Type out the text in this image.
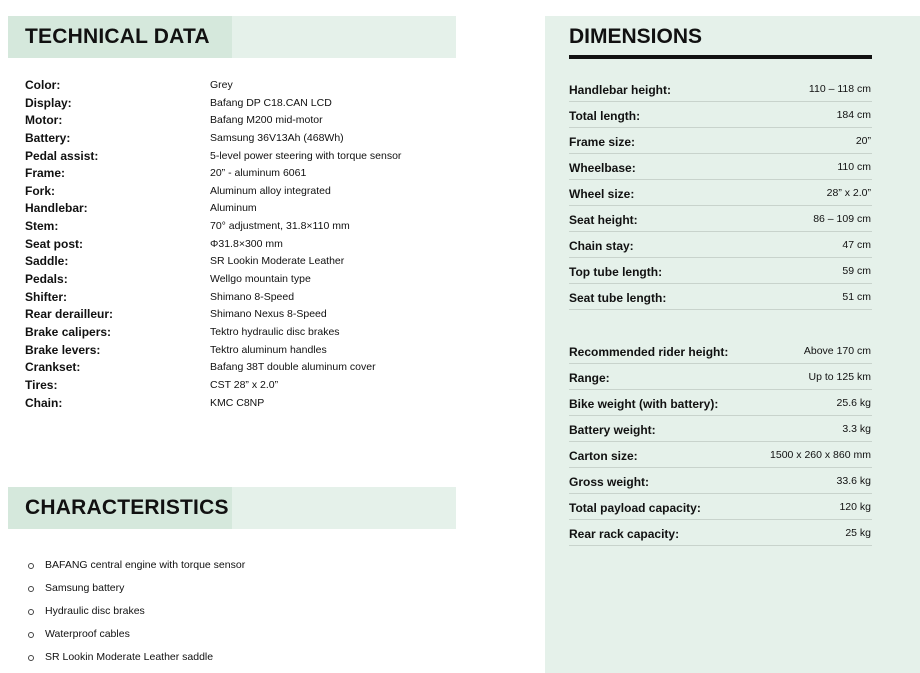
TECHNICAL DATA
Color:	Grey
Display:	Bafang DP C18.CAN LCD
Motor:	Bafang M200 mid-motor
Battery:	Samsung 36V13Ah (468Wh)
Pedal assist:	5-level power steering with torque sensor
Frame:	20” - aluminum 6061
Fork:	Aluminum alloy integrated
Handlebar:	Aluminum
Stem:	70° adjustment, 31.8×110 mm
Seat post:	Φ31.8×300 mm
Saddle:	SR Lookin Moderate Leather
Pedals:	Wellgo mountain type
Shifter:	Shimano 8-Speed
Rear derailleur:	Shimano Nexus 8-Speed
Brake calipers:	Tektro hydraulic disc brakes
Brake levers:	Tektro aluminum handles
Crankset:	Bafang 38T double aluminum cover
Tires:	CST 28” x 2.0”
Chain:	KMC C8NP
CHARACTERISTICS
BAFANG central engine with torque sensor
Samsung battery
Hydraulic disc brakes
Waterproof cables
SR Lookin Moderate Leather saddle
DIMENSIONS
Handlebar height:	110 – 118 cm
Total length:	184 cm
Frame size:	20”
Wheelbase:	110 cm
Wheel size:	28” x 2.0”
Seat height:	86 – 109 cm
Chain stay:	47 cm
Top tube length:	59 cm
Seat tube length:	51 cm
Recommended rider height:	Above 170 cm
Range:	Up to 125 km
Bike weight (with battery):	25.6 kg
Battery weight:	3.3 kg
Carton size:	1500 x 260 x 860 mm
Gross weight:	33.6 kg
Total payload capacity:	120 kg
Rear rack capacity:	25 kg
